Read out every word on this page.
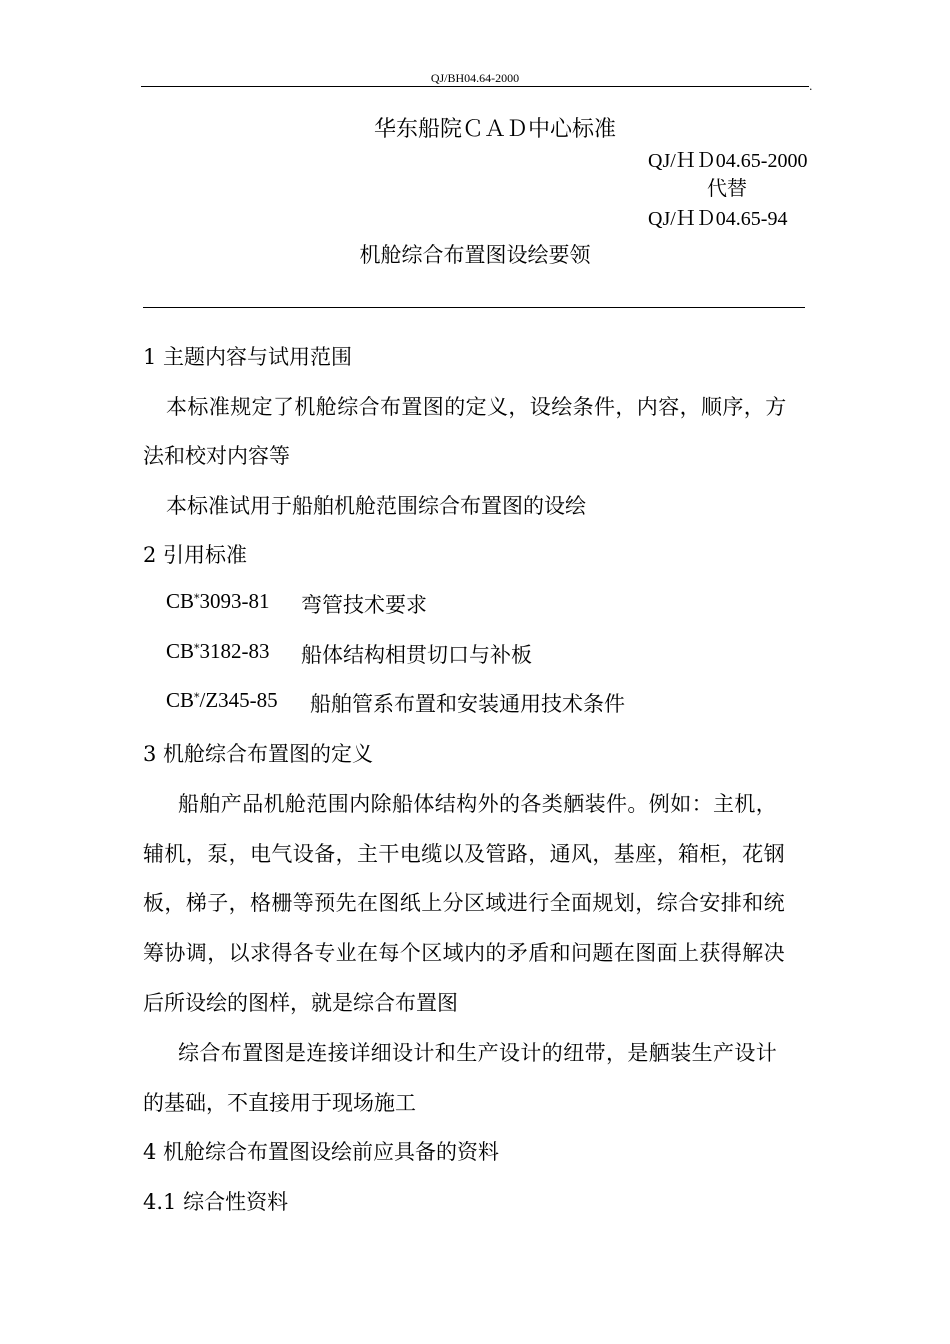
QJ/BH04.64-2000
.
华东船院ＣＡＤ中心标准
QJ/ＨＤ04.65-2000
代替
QJ/ＨＤ04.65-94
机舱综合布置图设绘要领
1 主题内容与试用范围
本标准规定了机舱综合布置图的定义，设绘条件，内容，顺序，方
法和校对内容等
本标准试用于船舶机舱范围综合布置图的设绘
2 引用标准
CB*3093-81 弯管技术要求
CB*3182-83 船体结构相贯切口与补板
CB*/Z345-85 船舶管系布置和安装通用技术条件
3 机舱综合布置图的定义
船舶产品机舱范围内除船体结构外的各类舾装件。例如：主机，
辅机，泵，电气设备，主干电缆以及管路，通风，基座，箱柜，花钢
板，梯子，格栅等预先在图纸上分区域进行全面规划，综合安排和统
筹协调，以求得各专业在每个区域内的矛盾和问题在图面上获得解决
后所设绘的图样，就是综合布置图
综合布置图是连接详细设计和生产设计的纽带，是舾装生产设计
的基础，不直接用于现场施工
4 机舱综合布置图设绘前应具备的资料
4.1 综合性资料
